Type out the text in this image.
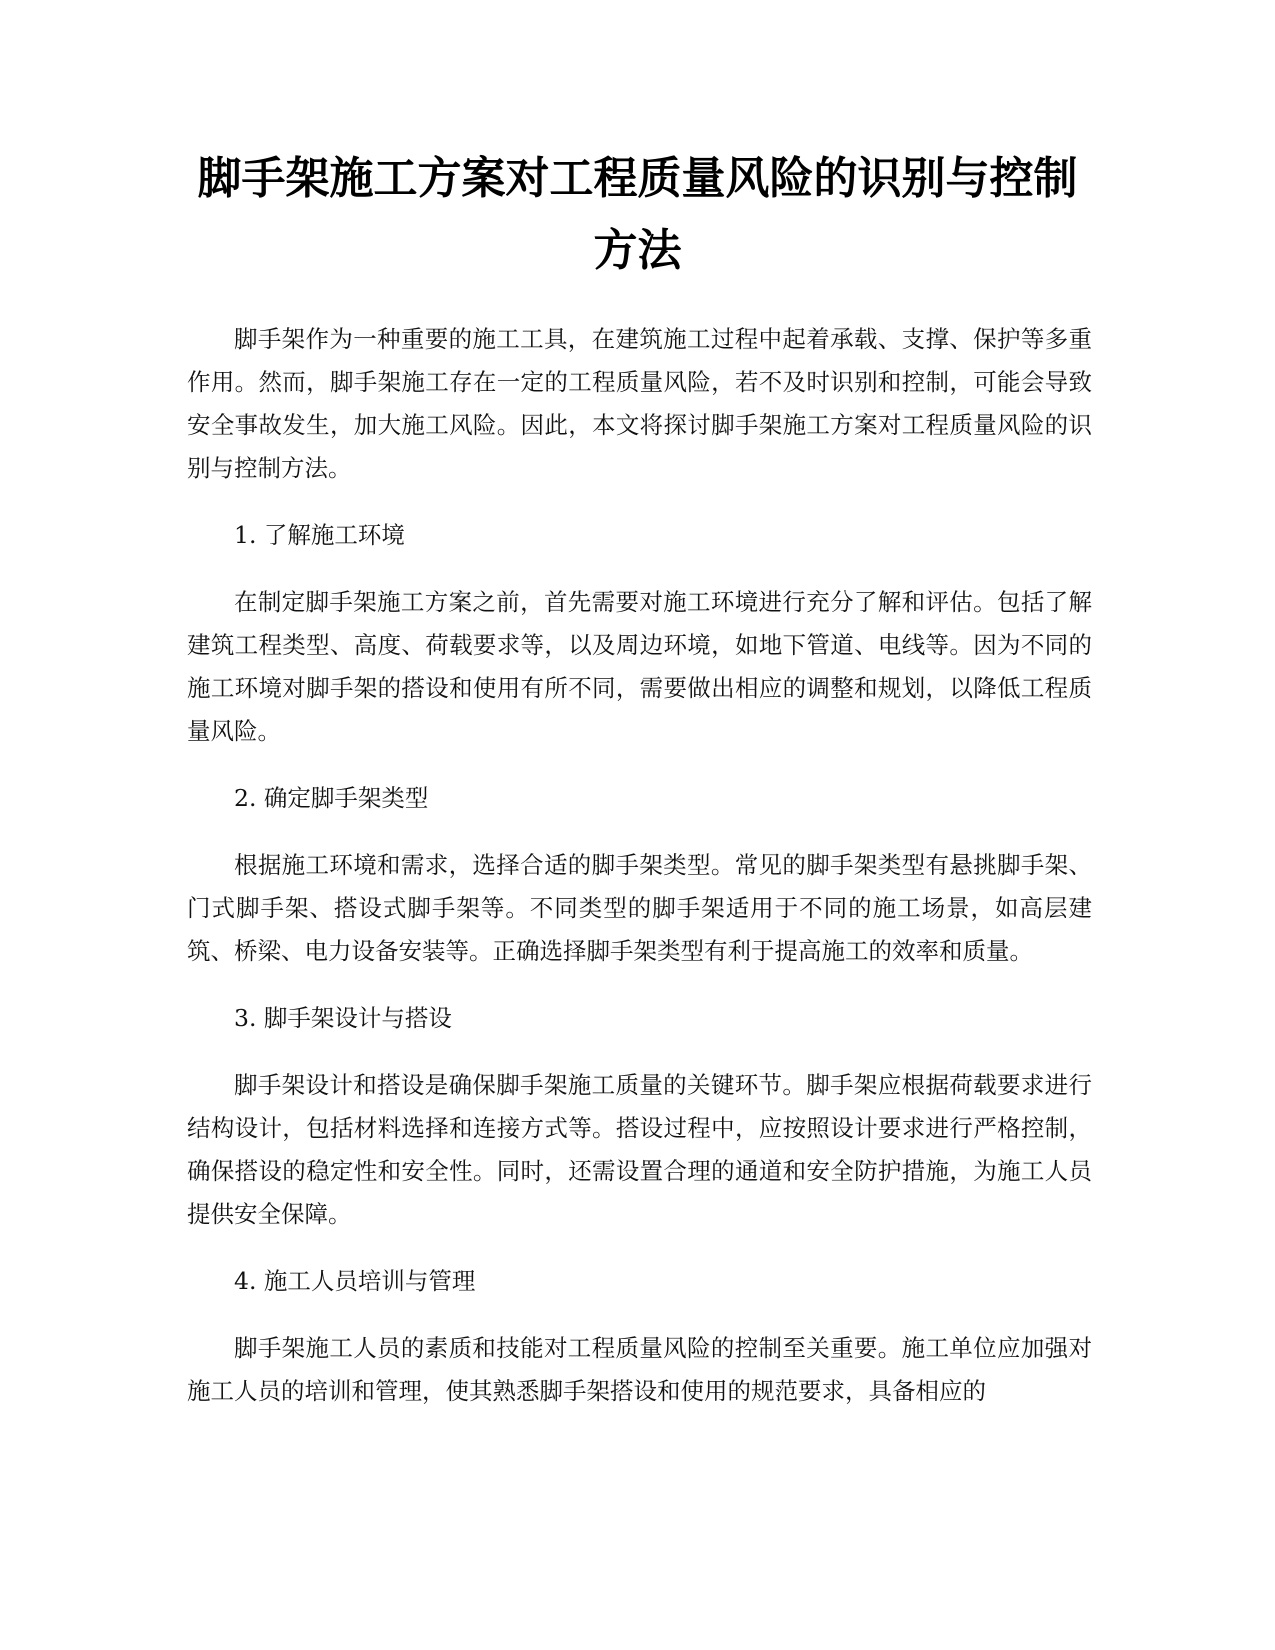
脚手架施工方案对工程质量风险的识别与控制方法

脚手架作为一种重要的施工工具，在建筑施工过程中起着承载、支撑、保护等多重作用。然而，脚手架施工存在一定的工程质量风险，若不及时识别和控制，可能会导致安全事故发生，加大施工风险。因此，本文将探讨脚手架施工方案对工程质量风险的识别与控制方法。

1. 了解施工环境

在制定脚手架施工方案之前，首先需要对施工环境进行充分了解和评估。包括了解建筑工程类型、高度、荷载要求等，以及周边环境，如地下管道、电线等。因为不同的施工环境对脚手架的搭设和使用有所不同，需要做出相应的调整和规划，以降低工程质量风险。

2. 确定脚手架类型

根据施工环境和需求，选择合适的脚手架类型。常见的脚手架类型有悬挑脚手架、门式脚手架、搭设式脚手架等。不同类型的脚手架适用于不同的施工场景，如高层建筑、桥梁、电力设备安装等。正确选择脚手架类型有利于提高施工的效率和质量。

3. 脚手架设计与搭设

脚手架设计和搭设是确保脚手架施工质量的关键环节。脚手架应根据荷载要求进行结构设计，包括材料选择和连接方式等。搭设过程中，应按照设计要求进行严格控制，确保搭设的稳定性和安全性。同时，还需设置合理的通道和安全防护措施，为施工人员提供安全保障。

4. 施工人员培训与管理

脚手架施工人员的素质和技能对工程质量风险的控制至关重要。施工单位应加强对施工人员的培训和管理，使其熟悉脚手架搭设和使用的规范要求，具备相应的
